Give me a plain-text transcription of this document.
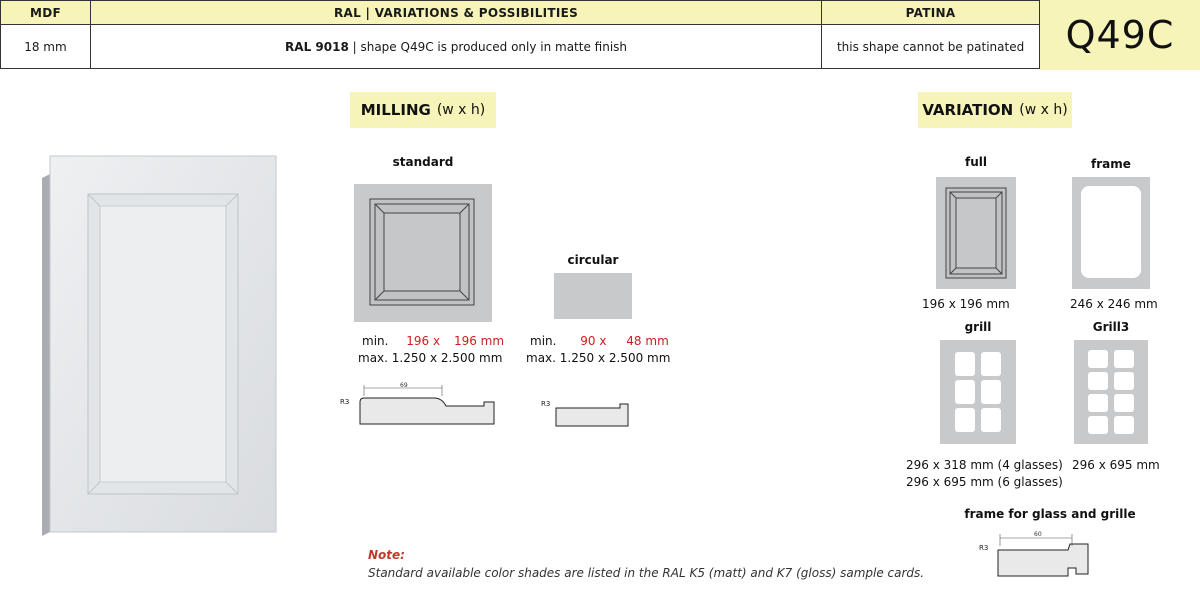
MDF	RAL | VARIATIONS & POSSIBILITIES	PATINA
18 mm	RAL 9018 | shape Q49C is produced only in matte finish	this shape cannot be patinated	Q49C
MILLING (w x h)
standard
min. 196 x 196 mm
max. 1.250 x 2.500 mm
69
R3
circular
min. 90 x 48 mm
max. 1.250 x 2.500 mm
R3
VARIATION (w x h)
full
196 x 196 mm
frame
246 x 246 mm
grill
296 x 318 mm (4 glasses)
296 x 695 mm (6 glasses)
Grill3
296 x 695 mm
frame for glass and grille
60
R3
Note:
Standard available color shades are listed in the RAL K5 (matt) and K7 (gloss) sample cards.
